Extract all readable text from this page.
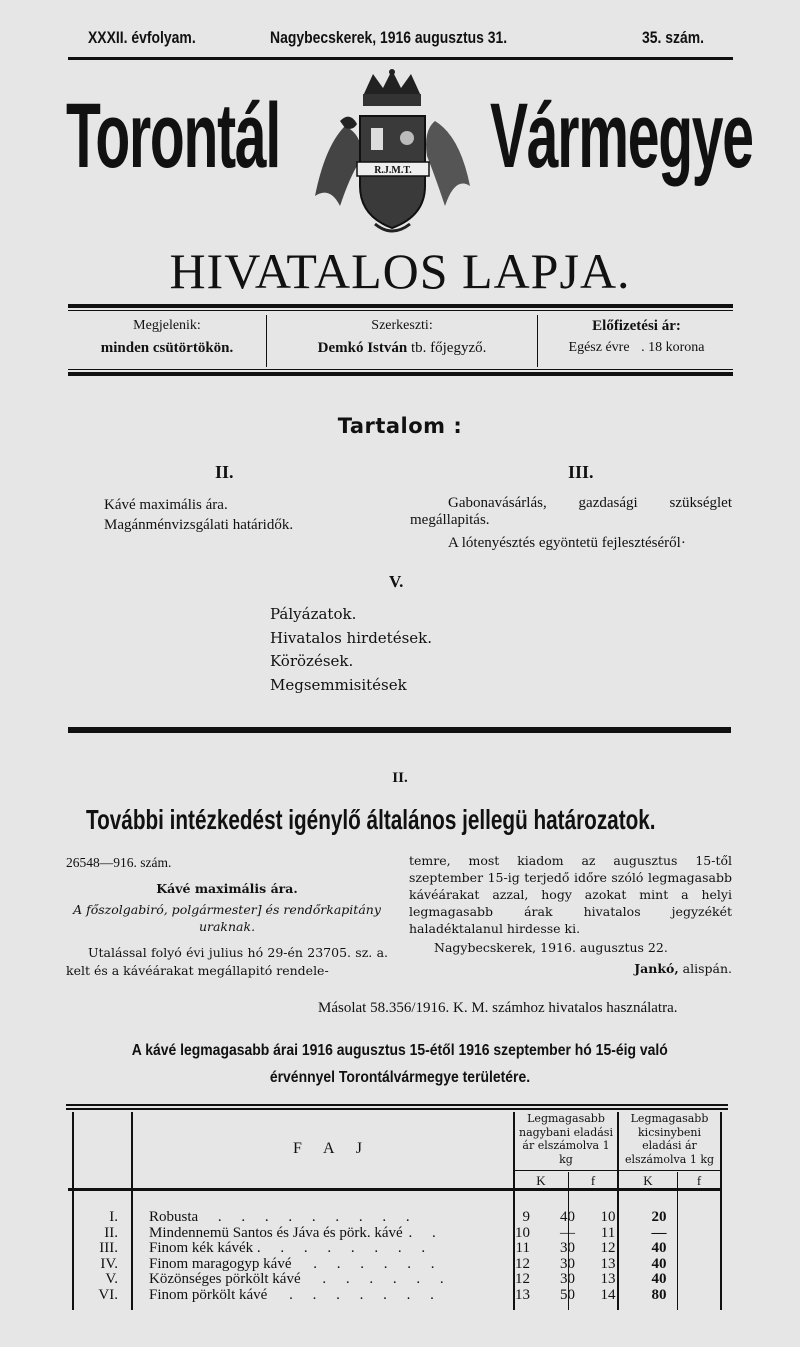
XXXII. évfolyam.	Nagybecskerek, 1916 augusztus 31.	35. szám.
Torontál Vármegye
R.J.M.T.
HIVATALOS LAPJA.
Megjelenik:
minden csütörtökön.
Szerkeszti:
Demkó István tb. főjegyző.
Előfizetési ár:
Egész évre . 18 korona
Tartalom :
II.	III.
Kávé maximális ára.
Magánménvizsgálati határidők.
Gabonavásárlás, gazdasági szükséglet megállapitás.
A lótenyésztés egyöntetü fejlesztéséről·
V.
Pályázatok.
Hivatalos hirdetések.
Körözések.
Megsemmisitések
II.
További intézkedést igénylő általános jellegü határozatok.
26548—916. szám.
Kávé maximális ára.
A főszolgabiró, polgármester] és rendőrkapitány
uraknak.
Utalással folyó évi julius hó 29-én 23705. sz. a. kelt és a kávéárakat megállapitó rendele-
temre, most kiadom az augusztus 15-től szeptember 15-ig terjedő időre szóló legmagasabb kávéárakat azzal, hogy azokat mint a helyi legmagasabb árak hivatalos jegyzékét haladéktalanul hirdesse ki.
Nagybecskerek, 1916. augusztus 22.
Jankó, alispán.
Másolat 58.356/1916. K. M. számhoz hivatalos használatra.
A kávé legmagasabb árai 1916 augusztus 15-étől 1916 szeptember hó 15-éig való
érvénnyel Torontálvármegye területére.
F A J
Legmagasabb nagybani eladási ár elszámolva 1 kg
Legmagasabb kicsinybeni eladási ár elszámolva 1 kg
K	f	K	f
I.	Robusta . . . . . . . . .	9	40	10	20
II.	Mindennemü Santos és Jáva és pörk. kávé . .	10	—	11	—
III.	Finom kék kávék . . . . . . . .	11	30	12	40
IV.	Finom maragogyp kávé . . . . . .	12	30	13	40
V.	Közönséges pörkölt kávé . . . . . .	12	30	13	40
VI.	Finom pörkölt kávé . . . . . . .	13	50	14	80
